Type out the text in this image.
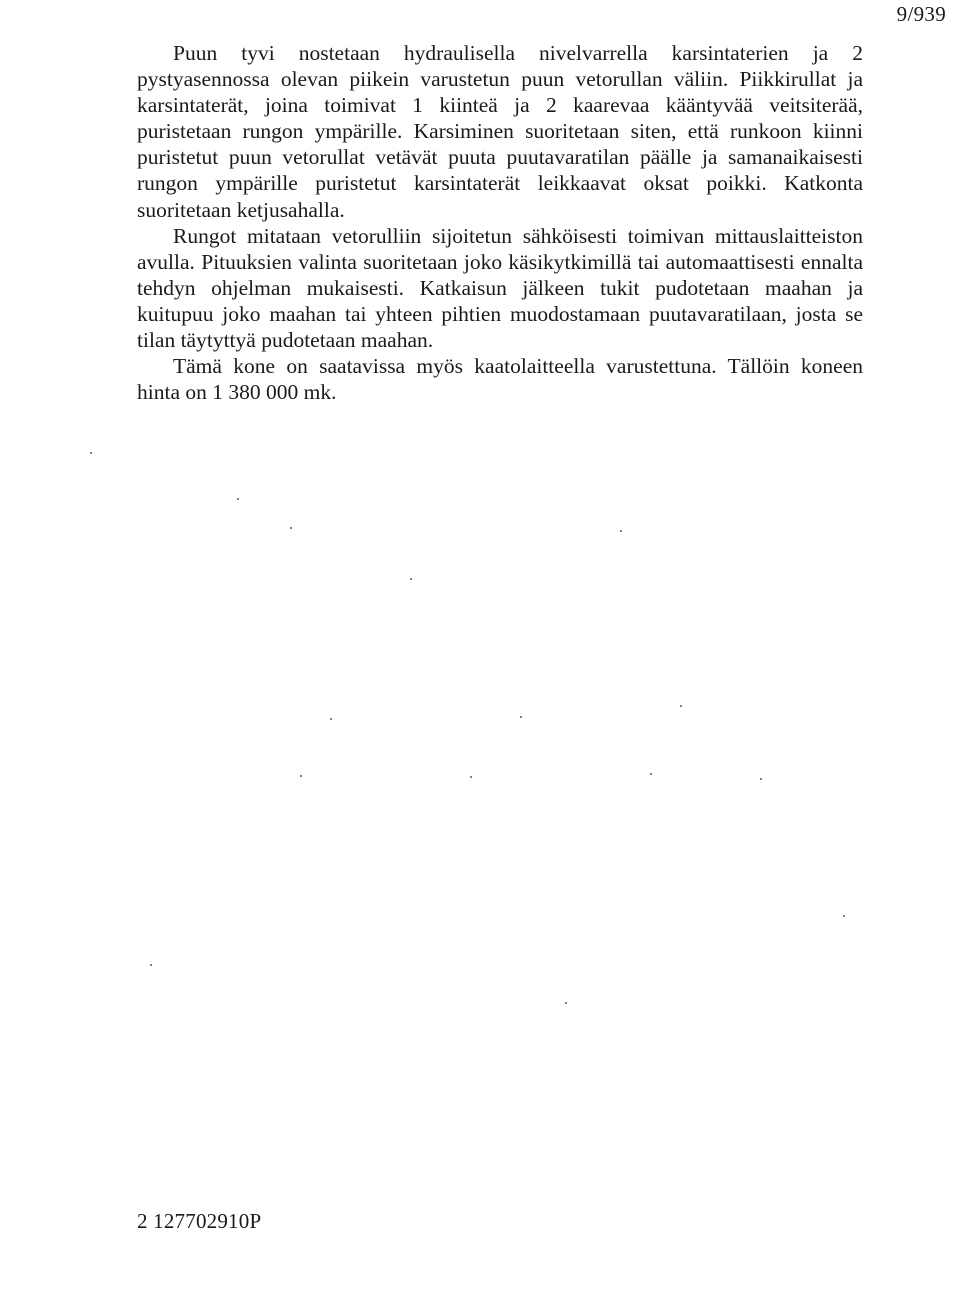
9/939

Puun tyvi nostetaan hydraulisella nivelvarrella karsintaterien ja 2 pystyasennossa olevan piikein varustetun puun vetorullan väliin. Piikkirullat ja karsintaterät, joina toimivat 1 kiinteä ja 2 kaarevaa kääntyvää veitsiterää, puristetaan rungon ympärille. Karsiminen suoritetaan siten, että runkoon kiinni puristetut puun vetorullat vetävät puuta puutavaratilan päälle ja samanaikaisesti rungon ympärille puristetut karsintaterät leikkaavat oksat poikki. Katkonta suoritetaan ketjusahalla.

Rungot mitataan vetorulliin sijoitetun sähköisesti toimivan mittauslaitteiston avulla. Pituuksien valinta suoritetaan joko käsikytkimillä tai automaattisesti ennalta tehdyn ohjelman mukaisesti. Katkaisun jälkeen tukit pudotetaan maahan ja kuitupuu joko maahan tai yhteen pihtien muodostamaan puutavaratilaan, josta se tilan täytyttyä pudotetaan maahan.

Tämä kone on saatavissa myös kaatolaitteella varustettuna. Tällöin koneen hinta on 1 380 000 mk.

2 127702910P
